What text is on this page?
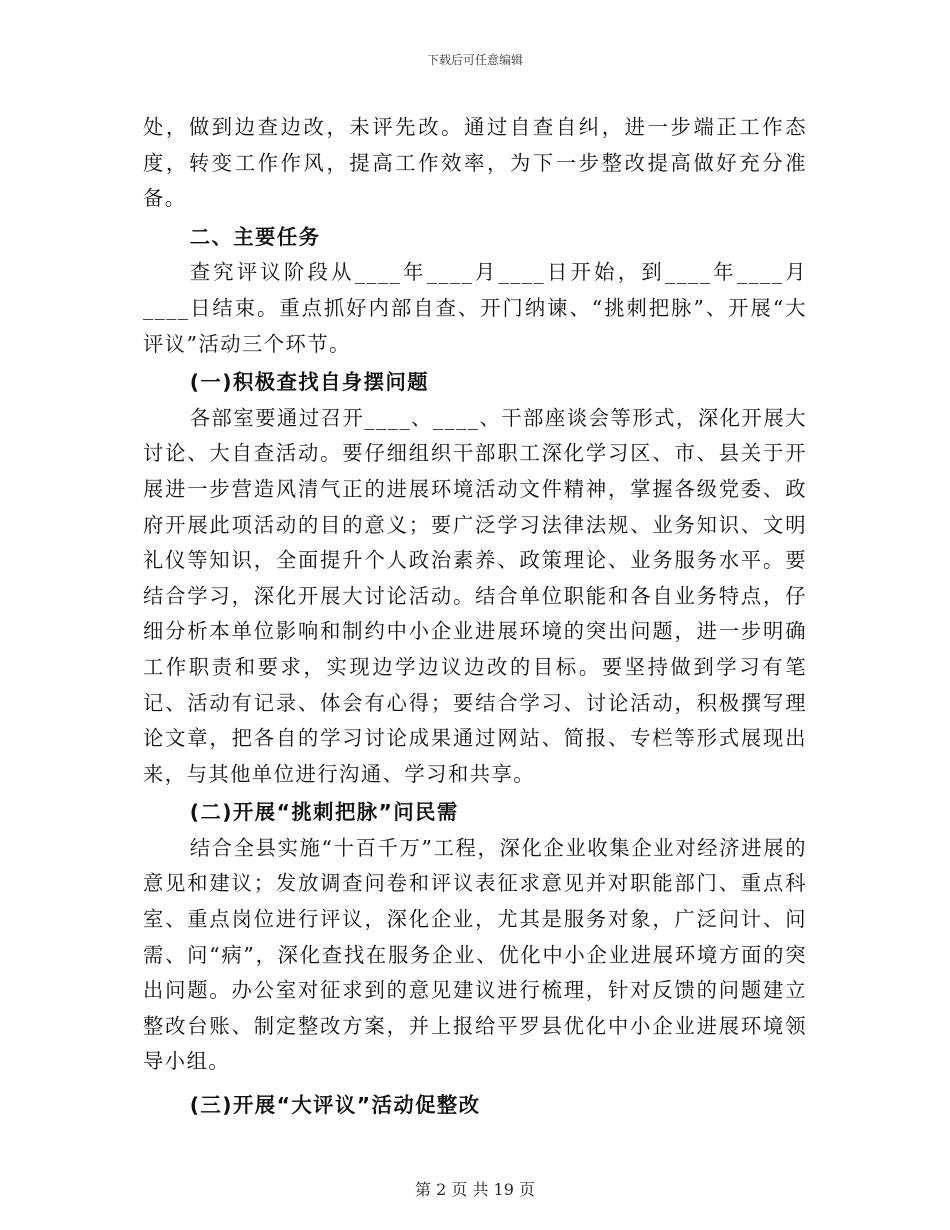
下载后可任意编辑

处，做到边查边改，未评先改。通过自查自纠，进一步端正工作态度，转变工作作风，提高工作效率，为下一步整改提高做好充分准备。

二、主要任务

查究评议阶段从____年____月____日开始，到____年____月____日结束。重点抓好内部自查、开门纳谏、“挑刺把脉”、开展“大评议”活动三个环节。

(一)积极查找自身摆问题

各部室要通过召开____、____、干部座谈会等形式，深化开展大讨论、大自查活动。要仔细组织干部职工深化学习区、市、县关于开展进一步营造风清气正的进展环境活动文件精神，掌握各级党委、政府开展此项活动的目的意义；要广泛学习法律法规、业务知识、文明礼仪等知识，全面提升个人政治素养、政策理论、业务服务水平。要结合学习，深化开展大讨论活动。结合单位职能和各自业务特点，仔细分析本单位影响和制约中小企业进展环境的突出问题，进一步明确工作职责和要求，实现边学边议边改的目标。要坚持做到学习有笔记、活动有记录、体会有心得；要结合学习、讨论活动，积极撰写理论文章，把各自的学习讨论成果通过网站、简报、专栏等形式展现出来，与其他单位进行沟通、学习和共享。

(二)开展“挑刺把脉”问民需

结合全县实施“十百千万”工程，深化企业收集企业对经济进展的意见和建议；发放调查问卷和评议表征求意见并对职能部门、重点科室、重点岗位进行评议，深化企业，尤其是服务对象，广泛问计、问需、问“病”，深化查找在服务企业、优化中小企业进展环境方面的突出问题。办公室对征求到的意见建议进行梳理，针对反馈的问题建立整改台账、制定整改方案，并上报给平罗县优化中小企业进展环境领导小组。

(三)开展“大评议”活动促整改

第 2 页 共 19 页
